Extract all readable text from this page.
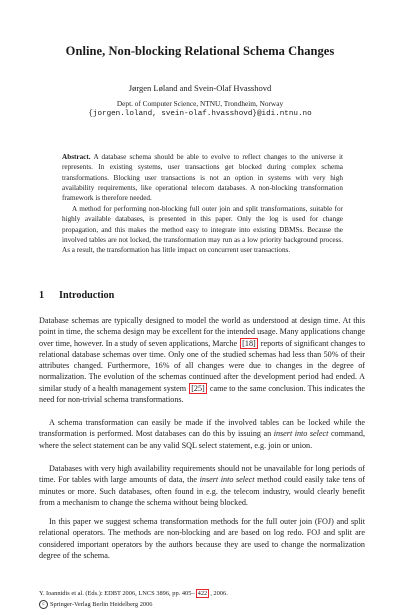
Online, Non-blocking Relational Schema Changes
Jørgen Løland and Svein-Olaf Hvasshovd
Dept. of Computer Science, NTNU, Trondheim, Norway
{jorgen.loland, svein-olaf.hvasshovd}@idi.ntnu.no
Abstract. A database schema should be able to evolve to reflect changes to the universe it represents. In existing systems, user transactions get blocked during complex schema transformations. Blocking user transactions is not an option in systems with very high availability requirements, like operational telecom databases. A non-blocking transformation framework is therefore needed.
A method for performing non-blocking full outer join and split transformations, suitable for highly available databases, is presented in this paper. Only the log is used for change propagation, and this makes the method easy to integrate into existing DBMSs. Because the involved tables are not locked, the transformation may run as a low priority background process. As a result, the transformation has little impact on concurrent user transactions.
1 Introduction
Database schemas are typically designed to model the world as understood at design time. At this point in time, the schema design may be excellent for the intended usage. Many applications change over time, however. In a study of seven applications, Marche [18] reports of significant changes to relational database schemas over time. Only one of the studied schemas had less than 50% of their attributes changed. Furthermore, 16% of all changes were due to changes in the degree of normalization. The evolution of the schemas continued after the development period had ended. A similar study of a health management system [25] came to the same conclusion. This indicates the need for non-trivial schema transformations.
A schema transformation can easily be made if the involved tables can be locked while the transformation is performed. Most databases can do this by issuing an insert into select command, where the select statement can be any valid SQL select statement, e.g. join or union.
Databases with very high availability requirements should not be unavailable for long periods of time. For tables with large amounts of data, the insert into select method could easily take tens of minutes or more. Such databases, often found in e.g. the telecom industry, would clearly benefit from a mechanism to change the schema without being blocked.
In this paper we suggest schema transformation methods for the full outer join (FOJ) and split relational operators. The methods are non-blocking and are based on log redo. FOJ and split are considered important operators by the authors because they are used to change the normalization degree of the schema.
Y. Ioannidis et al. (Eds.): EDBT 2006, LNCS 3896, pp. 405– 422 , 2006.
c Springer-Verlag Berlin Heidelberg 2006
